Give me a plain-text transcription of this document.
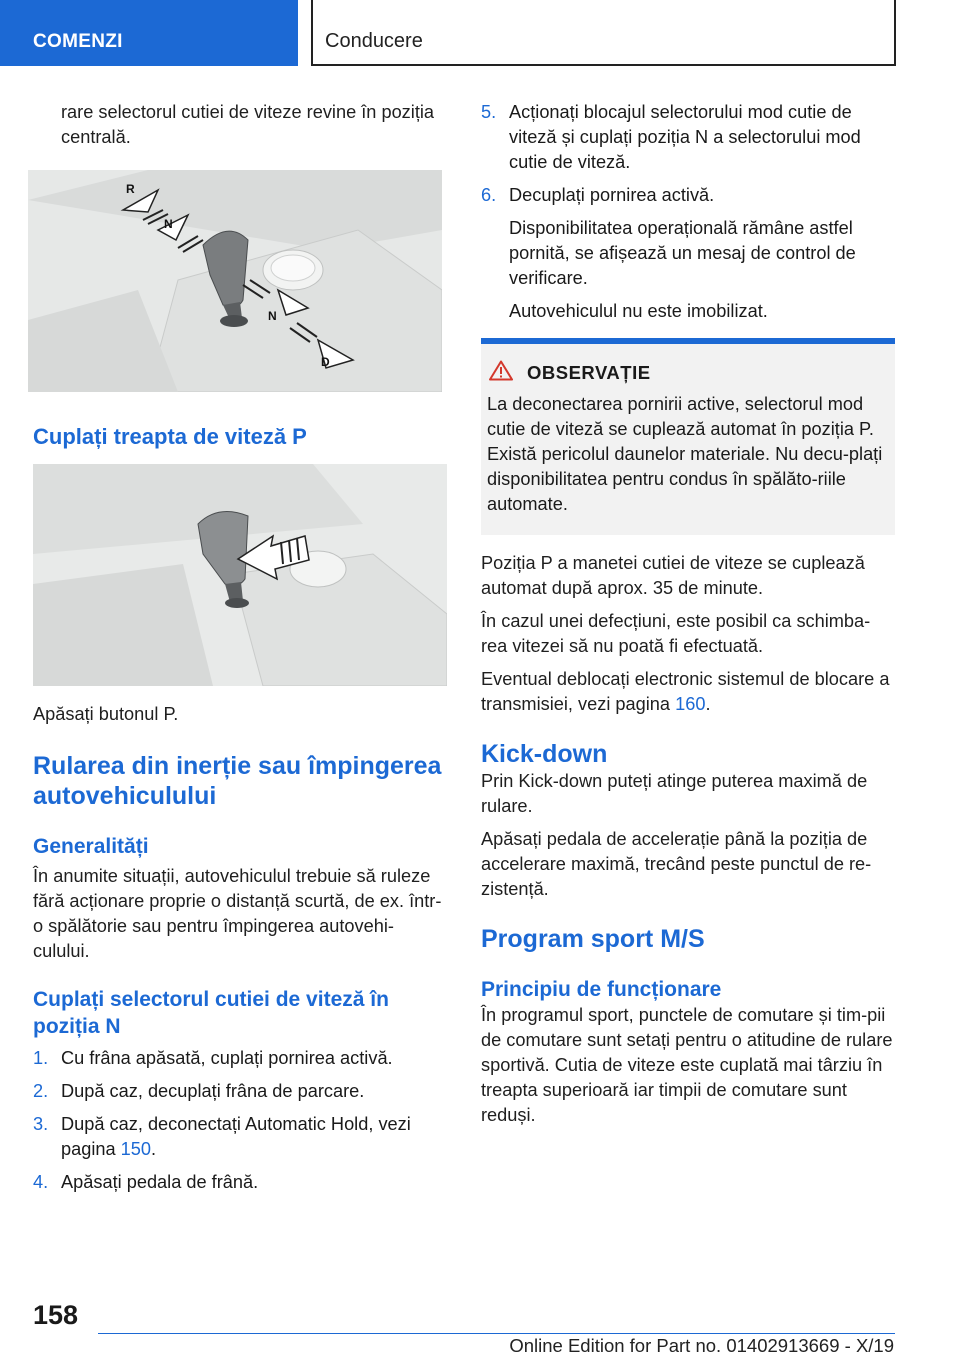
COMENZI	Conducere

rare selectorul cutiei de viteze revine în poziția centrală.

R
N
N
D
Cuplați treapta de viteză P

Apăsați butonul P.

Rularea din inerție sau împingerea autovehiculului
Generalități

În anumite situații, autovehiculul trebuie să ruleze fără acționare proprie o distanță scurtă, de ex. într-o spălătorie sau pentru împingerea autovehi-culului.

Cuplați selectorul cutiei de viteză în poziția N
1. Cu frâna apăsată, cuplați pornirea activă.
2. După caz, decuplați frâna de parcare.
3. După caz, deconectați Automatic Hold, vezi pagina 150.
4. Apăsați pedala de frână.
5. Acționați blocajul selectorului mod cutie de viteză și cuplați poziția N a selectorului mod cutie de viteză.
6. Decuplați pornirea activă.

Disponibilitatea operațională rămâne astfel pornită, se afișează un mesaj de control de verificare.

Autovehiculul nu este imobilizat.

OBSERVAȚIE

La deconectarea pornirii active, selectorul mod cutie de viteză se cuplează automat în poziția P. Există pericolul daunelor materiale. Nu decu-plați disponibilitatea pentru condus în spălăto-riile automate.

Poziția P a manetei cutiei de viteze se cuplează automat după aprox. 35 de minute.

În cazul unei defecțiuni, este posibil ca schimba-rea vitezei să nu poată fi efectuată.

Eventual deblocați electronic sistemul de blocare a transmisiei, vezi pagina 160.

Kick-down

Prin Kick-down puteți atinge puterea maximă de rulare.

Apăsați pedala de accelerație până la poziția de accelerare maximă, trecând peste punctul de re-zistență.

Program sport M/S
Principiu de funcționare

În programul sport, punctele de comutare și tim-pii de comutare sunt setați pentru o atitudine de rulare sportivă. Cutia de viteze este cuplată mai târziu în treapta superioară iar timpii de comutare sunt reduși.

158
Online Edition for Part no. 01402913669 - X/19
